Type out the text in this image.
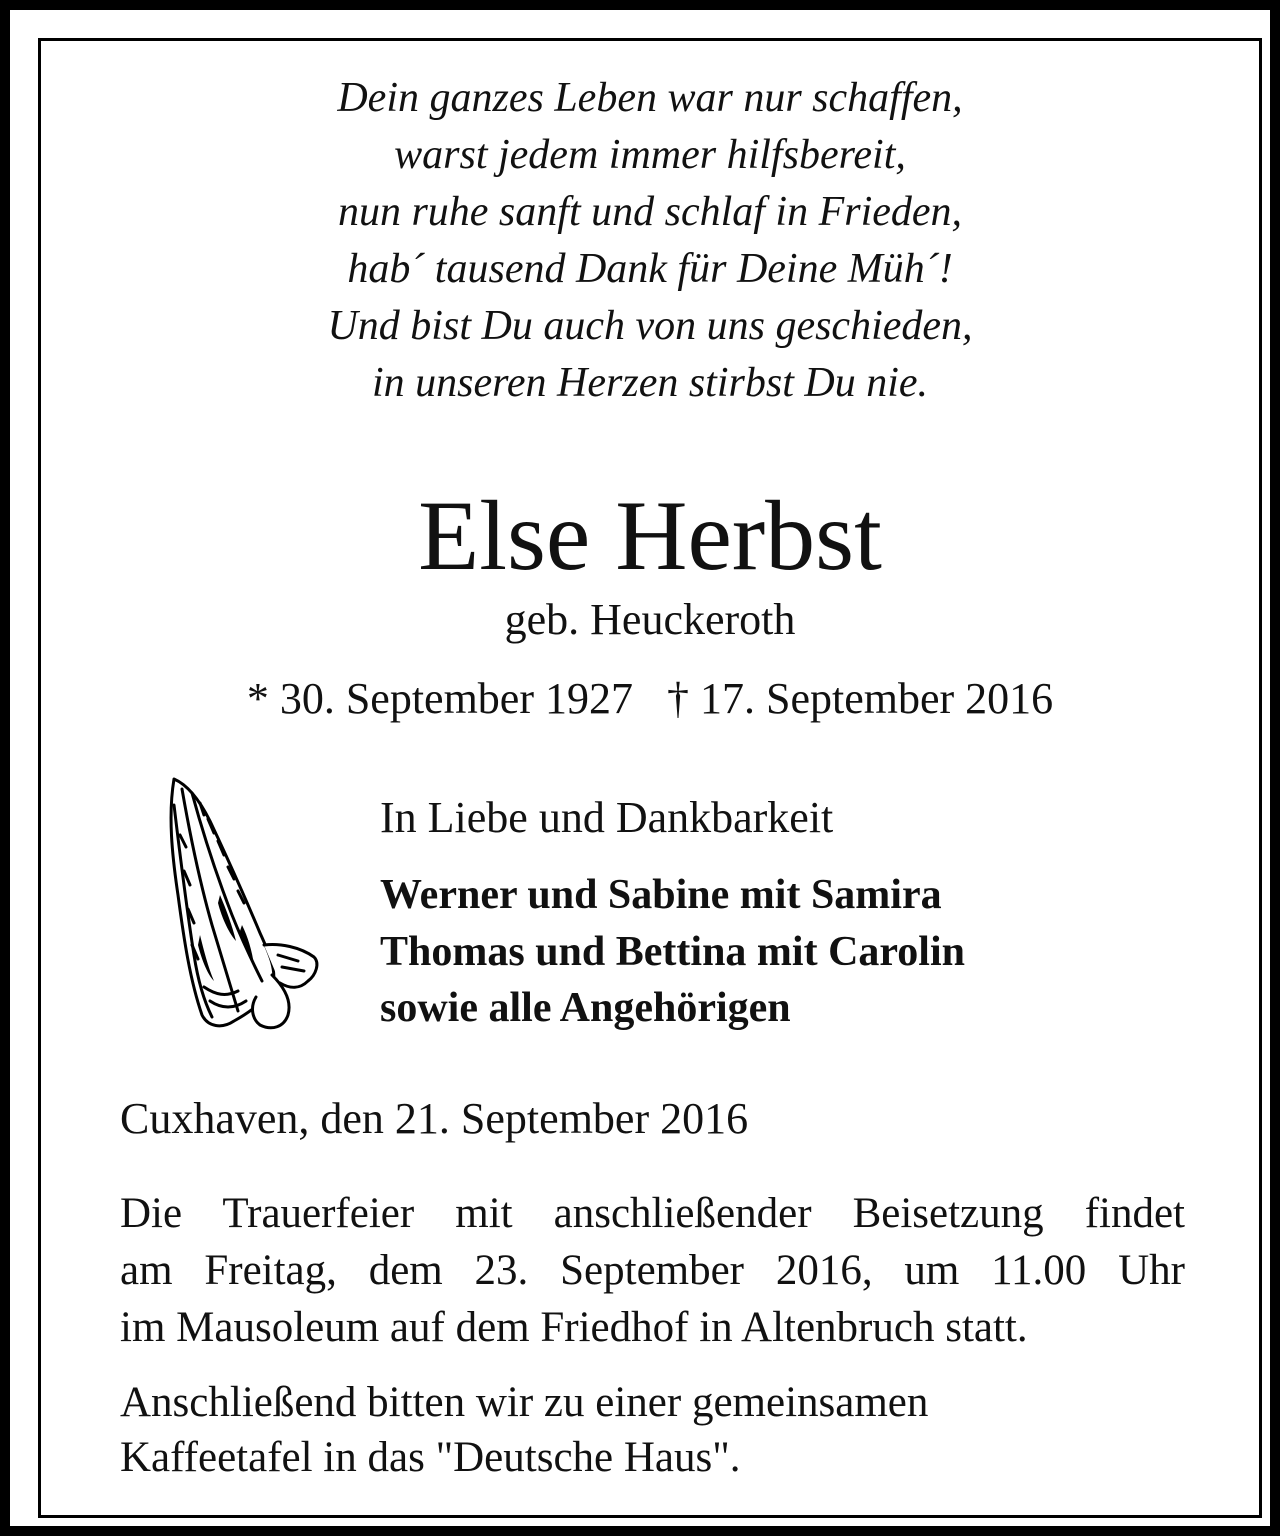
Dein ganzes Leben war nur schaffen,
warst jedem immer hilfsbereit,
nun ruhe sanft und schlaf in Frieden,
hab´ tausend Dank für Deine Müh´!
Und bist Du auch von uns geschieden,
in unseren Herzen stirbst Du nie.
Else Herbst
geb. Heuckeroth
* 30. September 1927 † 17. September 2016
In Liebe und Dankbarkeit
Werner und Sabine mit Samira
Thomas und Bettina mit Carolin
sowie alle Angehörigen
Cuxhaven, den 21. September 2016
Die Trauerfeier mit anschließender Beisetzung findet
am Freitag, dem 23. September 2016, um 11.00 Uhr
im Mausoleum auf dem Friedhof in Altenbruch statt.
Anschließend bitten wir zu einer gemeinsamen
Kaffeetafel in das "Deutsche Haus".
